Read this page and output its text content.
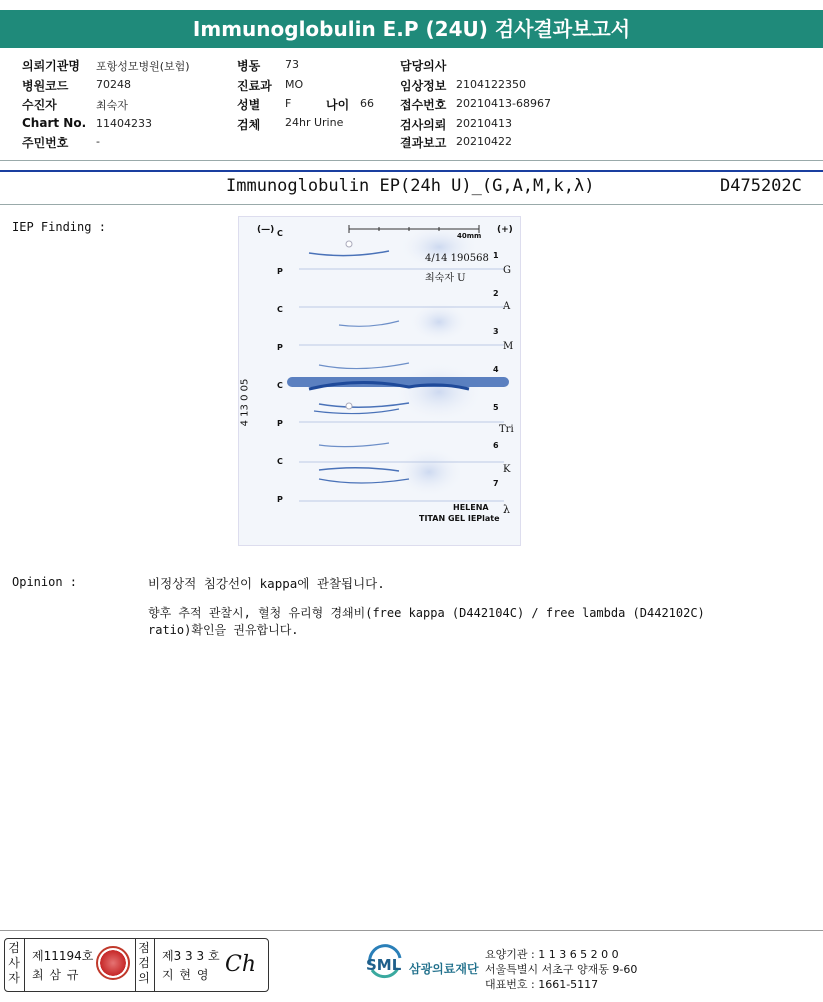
Immunoglobulin E.P (24U) 검사결과보고서
의뢰기관명 포항성모병원(보험)
병원코드	70248
수진자	최숙자
Chart No. 11404233
주민번호	-
병동 73
진료과 MO
성별 F	나이 66
검체 24hr Urine
담당의사
임상정보 2104122350
접수번호 20210413-68967
검사의뢰 20210413
결과보고 20210422
Immunoglobulin EP(24h U)_(G,A,M,k,λ)	D475202C
IEP Finding :	(—)	(+)
40mm
4/14 190568
최숙자 U
4 13 0 05
C
P
C
P
C
P
C
P
1
2
3
4
5
6
7
G
A
M
Tri
K
λ
HELENA
TITAN GEL IEPlate
Opinion :	비정상적 침강선이 kappa에 관찰됩니다.
향후 추적 관찰시, 혈청 유리형 경쇄비(free kappa (D442104C) / free lambda (D442102C)
ratio)확인을 권유합니다.
검사자
제11194호
최 삼 규
점검의
제3 3 3 호
지 현 영 Ch	SML 삼광의료재단
요양기관 : 1 1 3 6 5 2 0 0
서울특별시 서초구 양재동 9-60
대표번호 : 1661-5117
